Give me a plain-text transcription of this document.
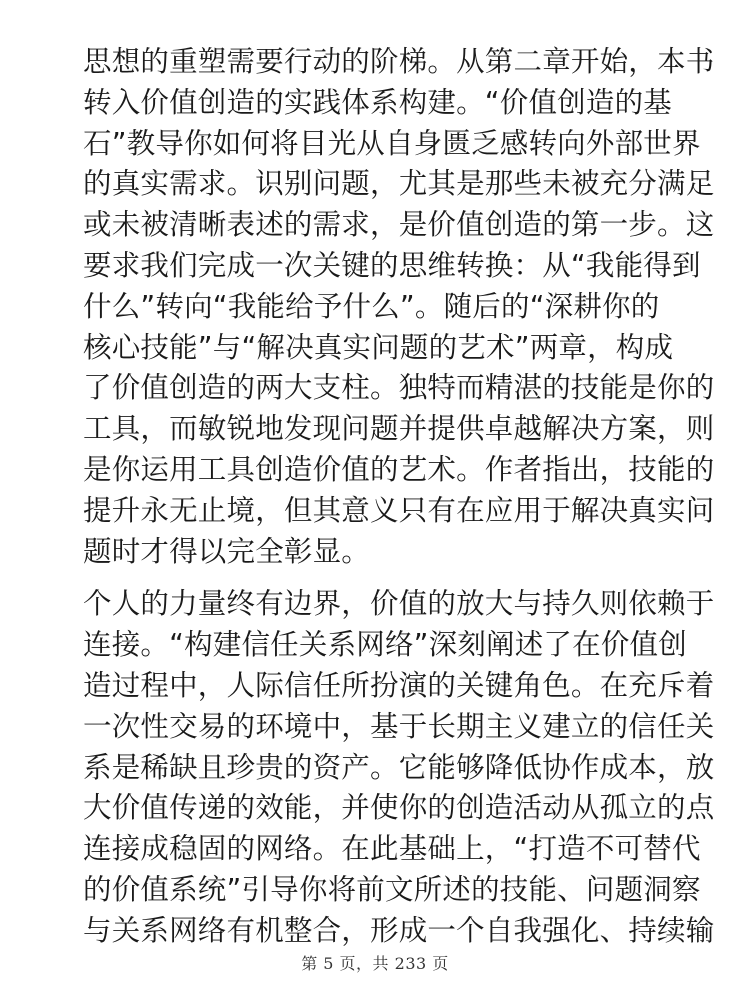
思想的重塑需要行动的阶梯。从第二章开始，本书
转入价值创造的实践体系构建。“价值创造的基
石”教导你如何将目光从自身匮乏感转向外部世界
的真实需求。识别问题，尤其是那些未被充分满足
或未被清晰表述的需求，是价值创造的第一步。这
要求我们完成一次关键的思维转换：从“我能得到
什么”转向“我能给予什么”。随后的“深耕你的
核心技能”与“解决真实问题的艺术”两章，构成
了价值创造的两大支柱。独特而精湛的技能是你的
工具，而敏锐地发现问题并提供卓越解决方案，则
是你运用工具创造价值的艺术。作者指出，技能的
提升永无止境，但其意义只有在应用于解决真实问
题时才得以完全彰显。

个人的力量终有边界，价值的放大与持久则依赖于
连接。“构建信任关系网络”深刻阐述了在价值创
造过程中，人际信任所扮演的关键角色。在充斥着
一次性交易的环境中，基于长期主义建立的信任关
系是稀缺且珍贵的资产。它能够降低协作成本，放
大价值传递的效能，并使你的创造活动从孤立的点
连接成稳固的网络。在此基础上，“打造不可替代
的价值系统”引导你将前文所述的技能、问题洞察
与关系网络有机整合，形成一个自我强化、持续输

第 5 页，共 233 页
